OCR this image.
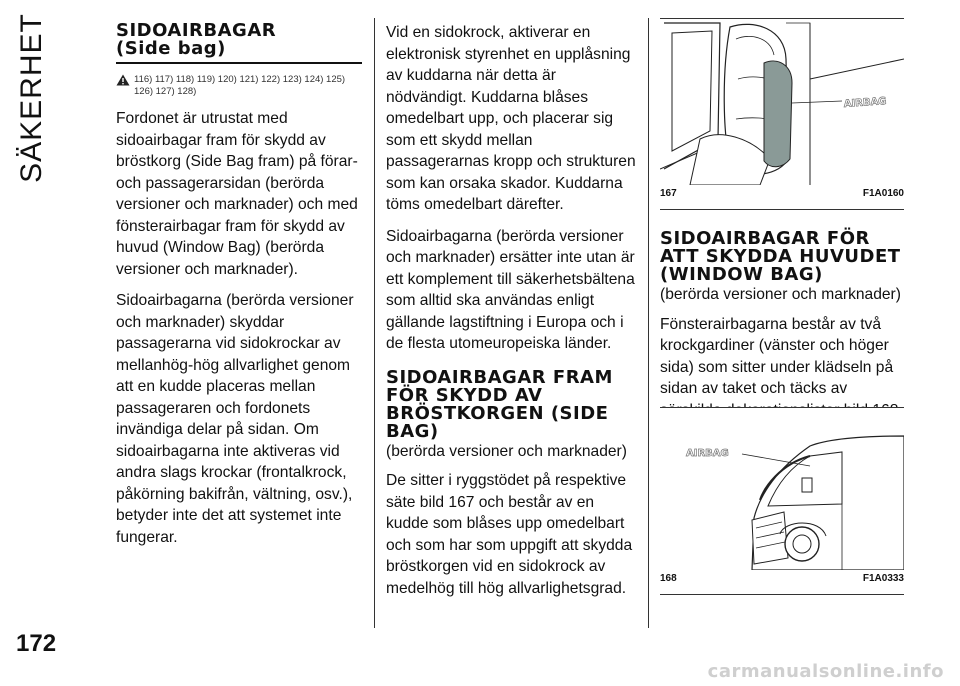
SÄKERHET
172
SIDOAIRBAGAR
(Side bag)
116) 117) 118) 119) 120) 121) 122) 123) 124) 125) 126) 127) 128)

Fordonet är utrustat med sidoairbagar fram för skydd av bröstkorg (Side Bag fram) på förar- och passagerarsidan (berörda versioner och marknader) och med fönsterairbagar fram för skydd av huvud (Window Bag) (berörda versioner och marknader).

Sidoairbagarna (berörda versioner och marknader) skyddar passagerarna vid sidokrockar av mellanhög-hög allvarlighet genom att en kudde placeras mellan passageraren och fordonets invändiga delar på sidan. Om sidoairbagarna inte aktiveras vid andra slags krockar (frontalkrock, påkörning bakifrån, vältning, osv.), betyder inte det att systemet inte fungerar.

Vid en sidokrock, aktiverar en elektronisk styrenhet en upplåsning av kuddarna när detta är nödvändigt. Kuddarna blåses omedelbart upp, och placerar sig som ett skydd mellan passagerarnas kropp och strukturen som kan orsaka skador. Kuddarna töms omedelbart därefter.

Sidoairbagarna (berörda versioner och marknader) ersätter inte utan är ett komplement till säkerhetsbältena som alltid ska användas enligt gällande lagstiftning i Europa och i de flesta utomeuropeiska länder.

SIDOAIRBAGAR FRAM FÖR SKYDD AV BRÖSTKORGEN (SIDE BAG)

(berörda versioner och marknader)

De sitter i ryggstödet på respektive säte bild 167 och består av en kudde som blåses upp omedelbart och som har som uppgift att skydda bröstkorgen vid en sidokrock av medelhög till hög allvarlighetsgrad.

AIRBAG
167	F1A0160
SIDOAIRBAGAR FÖR ATT SKYDDA HUVUDET (WINDOW BAG)

(berörda versioner och marknader)

Fönsterairbagarna består av två krockgardiner (vänster och höger sida) som sitter under klädseln på sidan av taket och täcks av

AIRBAG
168	F1A0333
carmanualsonline.info
